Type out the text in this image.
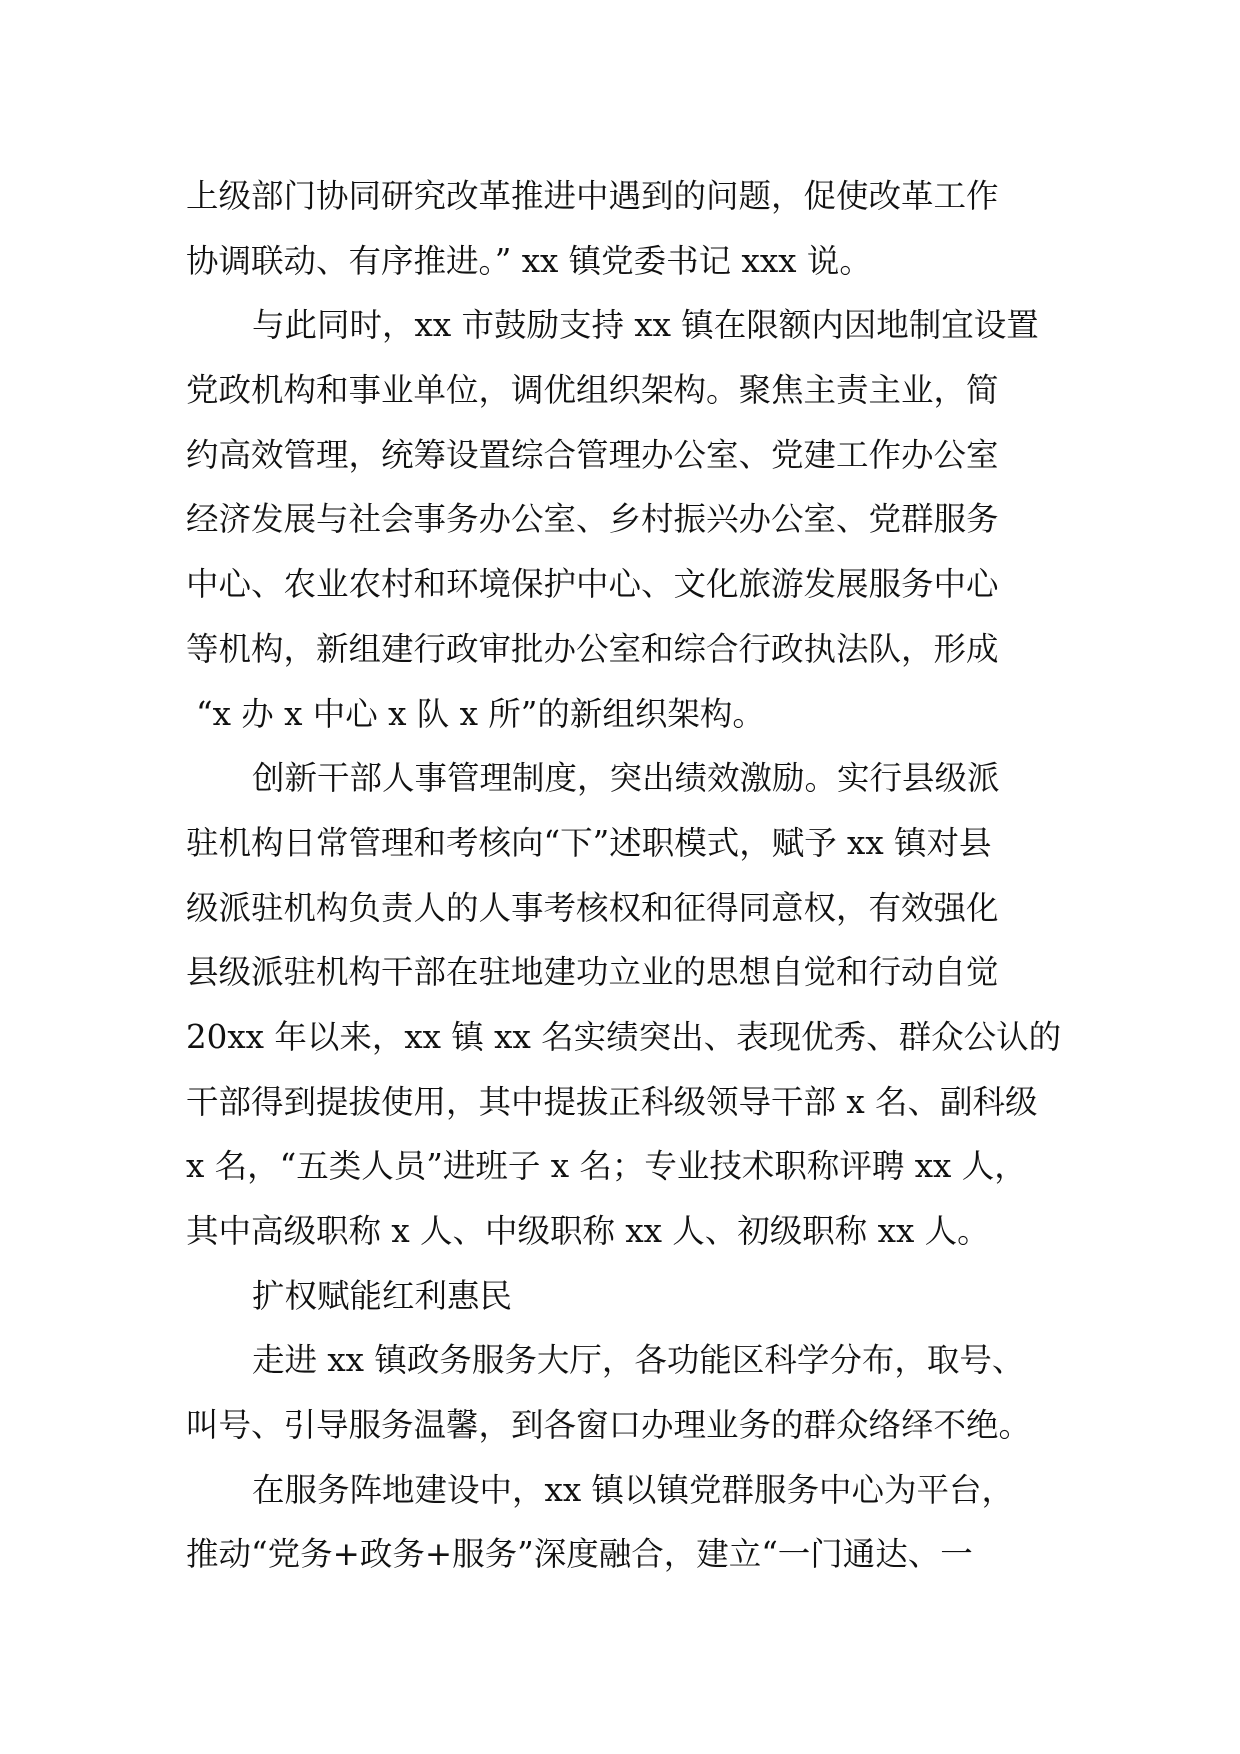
上级部门协同研究改革推进中遇到的问题，促使改革工作
协调联动、有序推进。” xx 镇党委书记 xxx 说。
与此同时，xx 市鼓励支持 xx 镇在限额内因地制宜设置
党政机构和事业单位，调优组织架构。聚焦主责主业，简
约高效管理，统筹设置综合管理办公室、党建工作办公室
经济发展与社会事务办公室、乡村振兴办公室、党群服务
中心、农业农村和环境保护中心、文化旅游发展服务中心
等机构，新组建行政审批办公室和综合行政执法队，形成
“x 办 x 中心 x 队 x 所”的新组织架构。
创新干部人事管理制度，突出绩效激励。实行县级派
驻机构日常管理和考核向“下”述职模式，赋予 xx 镇对县
级派驻机构负责人的人事考核权和征得同意权，有效强化
县级派驻机构干部在驻地建功立业的思想自觉和行动自觉
20xx 年以来，xx 镇 xx 名实绩突出、表现优秀、群众公认的
干部得到提拔使用，其中提拔正科级领导干部 x 名、副科级
x 名，“五类人员”进班子 x 名；专业技术职称评聘 xx 人，
其中高级职称 x 人、中级职称 xx 人、初级职称 xx 人。
扩权赋能红利惠民
走进 xx 镇政务服务大厅，各功能区科学分布，取号、
叫号、引导服务温馨，到各窗口办理业务的群众络绎不绝。
在服务阵地建设中，xx 镇以镇党群服务中心为平台，
推动“党务+政务+服务”深度融合，建立“一门通达、一
